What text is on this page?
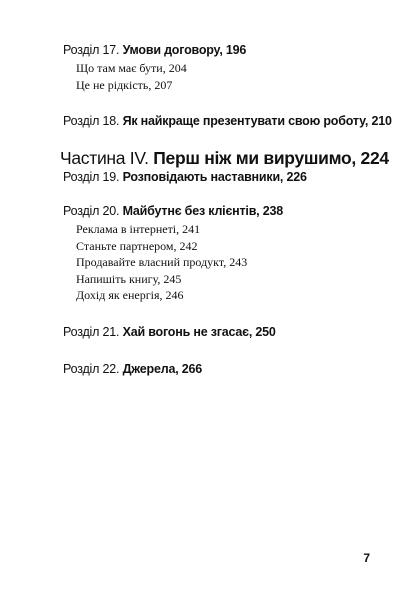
Розділ 17. Умови договору, 196
Що там має бути, 204
Це не рідкість, 207
Розділ 18. Як найкраще презентувати свою роботу, 210
Частина IV. Перш ніж ми вирушимо, 224
Розділ 19. Розповідають наставники, 226
Розділ 20. Майбутнє без клієнтів, 238
Реклама в інтернеті, 241
Станьте партнером, 242
Продавайте власний продукт, 243
Напишіть книгу, 245
Дохід як енергія, 246
Розділ 21. Хай вогонь не згасає, 250
Розділ 22. Джерела, 266
7
